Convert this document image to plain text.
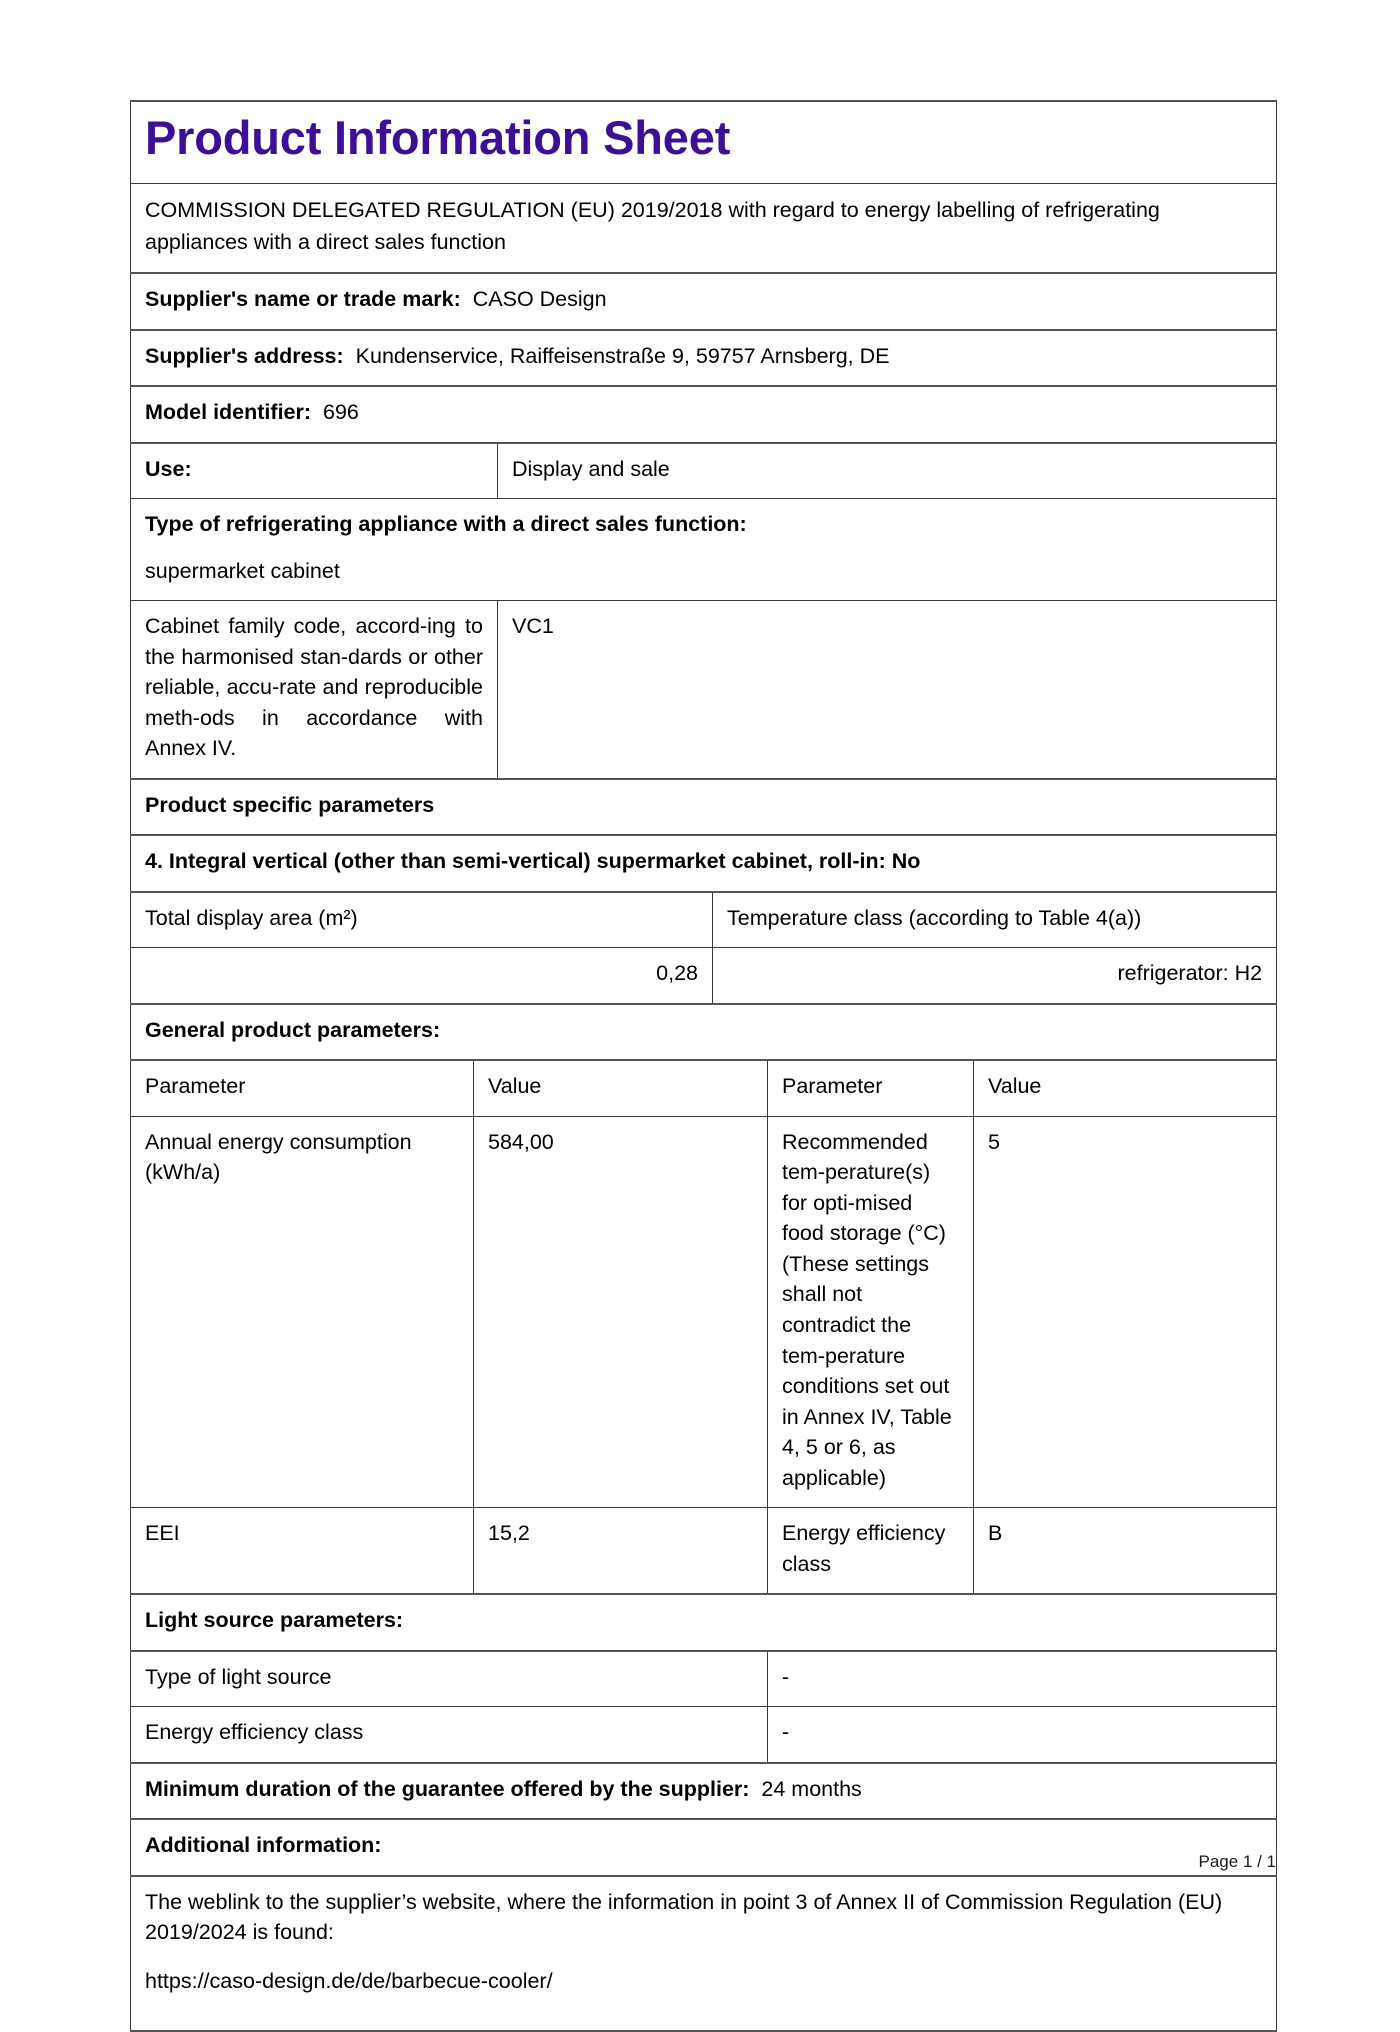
Product Information Sheet					

COMMISSION DELEGATED REGULATION (EU) 2019/2018 with regard to energy labelling of refrigerating appliances with a direct sales function					

Supplier's name or trade mark: CASO Design					
Supplier's address: Kundenservice, Raiffeisenstraße 9, 59757 Arnsberg, DE					
Model identifier: 696					
Use:		Display and sale			

Type of refrigerating appliance with a direct sales function:
supermarket cabinet					

Cabinet family code, accord-​ing to the harmonised stan-​dards or other reliable, accu-​rate and reproducible meth-​ods in accordance with Annex IV.		VC1			
Product specific parameters					
4. Integral vertical (other than semi-vertical) supermarket cabinet, roll-in: No					
Total display area (m²)			Temperature class (according to Table 4(a))		
0,28			refrigerator: H2		
General product parameters:					
Parameter	Value			Parameter	Value
Annual energy consumption (kWh/a)	584,00			Recommended tem-​perature(s) for opti-​mised food storage (°C) (These settings shall not contradict the tem-​perature conditions set out in Annex IV, Table 4, 5 or 6, as applicable)	5
EEI	15,2			Energy efficiency class	B
Light source parameters:					
Type of light source				-	
Energy efficiency class				-	
Minimum duration of the guarantee offered by the supplier: 24 months					
Additional information:					

The weblink to the supplier’s website, where the information in point 3 of Annex II of Commission Regulation (EU) 2019/2024 is found:
https://caso-design.de/de/barbecue-cooler/					
Page 1 / 1
